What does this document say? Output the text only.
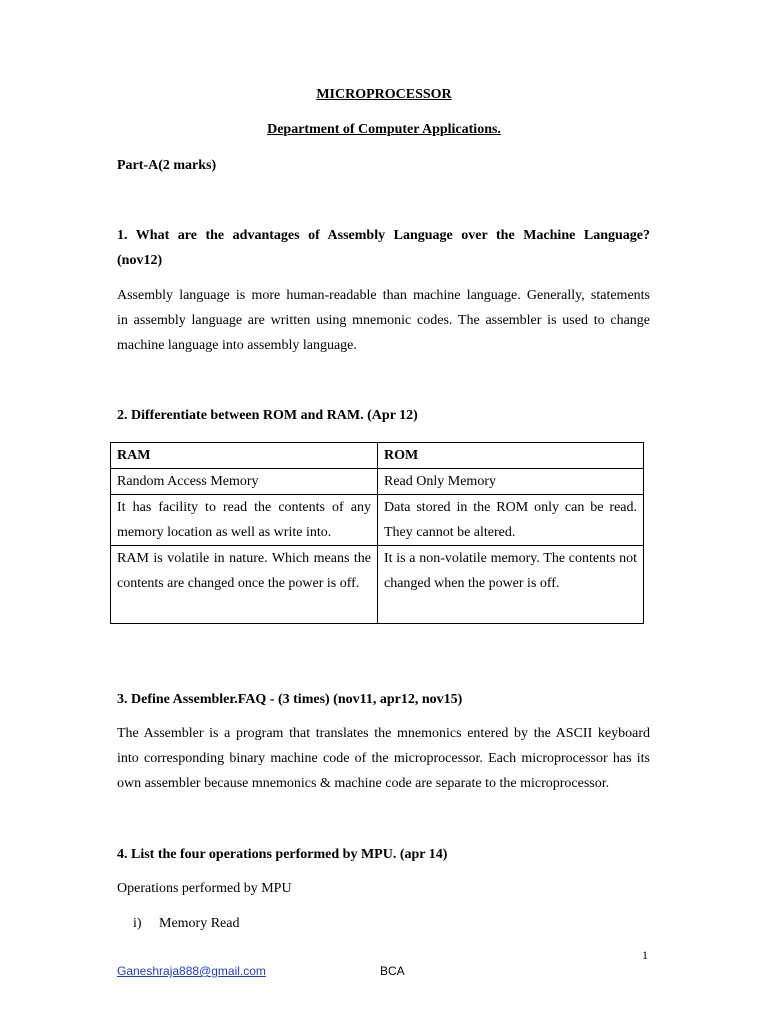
MICROPROCESSOR
Department of Computer Applications.
Part-A(2 marks)
1. What are the advantages of Assembly Language over the Machine Language?
(nov12)
Assembly language is more human-readable than machine language. Generally, statements
in assembly language are written using mnemonic codes. The assembler is used to change
machine language into assembly language.
2. Differentiate between ROM and RAM. (Apr 12)
RAM	ROM
Random Access Memory	Read Only Memory
It has facility to read the contents of any memory location as well as write into.	Data stored in the ROM only can be read. They cannot be altered.
RAM is volatile in nature. Which means the contents are changed once the power is off.	It is a non-volatile memory. The contents not changed when the power is off.
3. Define Assembler.FAQ - (3 times) (nov11, apr12, nov15)
The Assembler is a program that translates the mnemonics entered by the ASCII keyboard
into corresponding binary machine code of the microprocessor. Each microprocessor has its
own assembler because mnemonics & machine code are separate to the microprocessor.
4. List the four operations performed by MPU. (apr 14)
Operations performed by MPU
i) Memory Read
1
Ganeshraja888@gmail.com	BCA
